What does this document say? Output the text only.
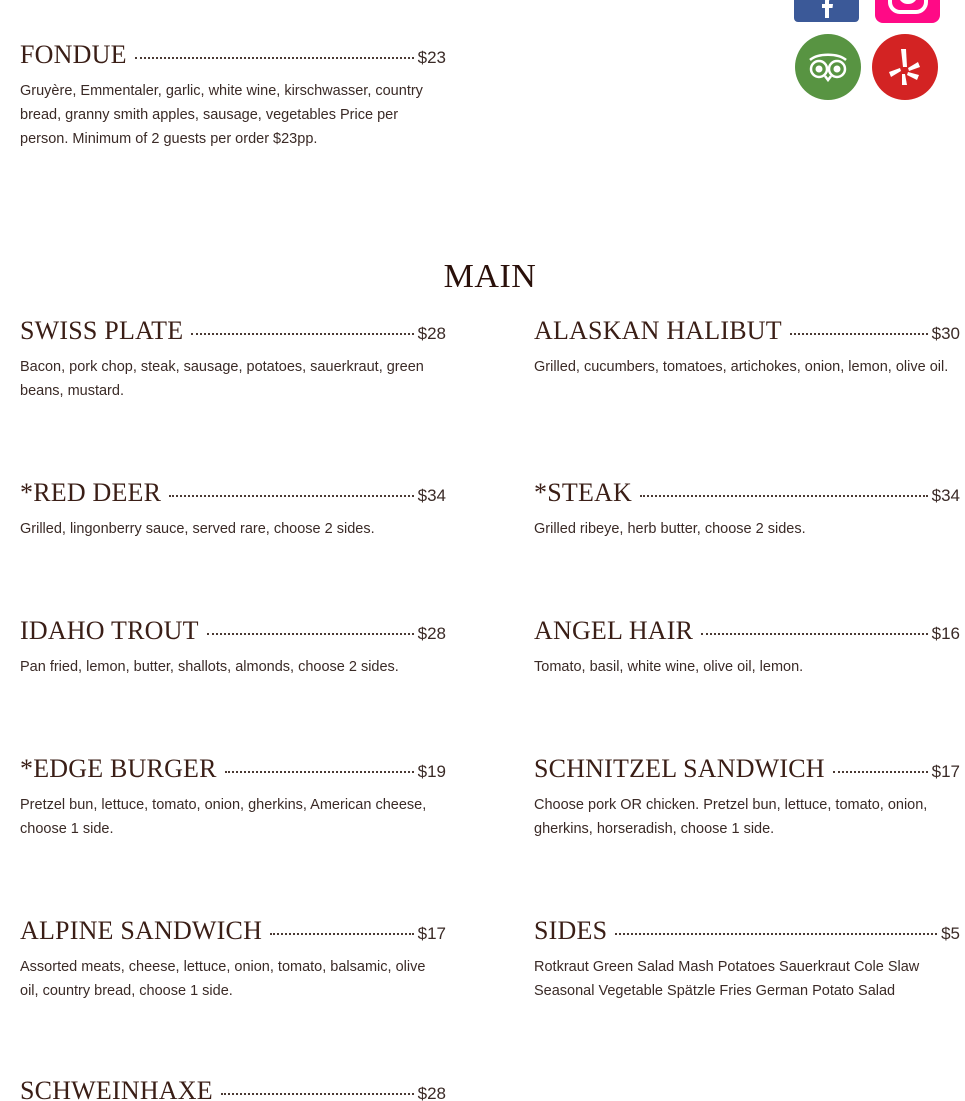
FONDUE	$23
Gruyère, Emmentaler, garlic, white wine, kirschwasser, country bread, granny smith apples, sausage, vegetables Price per person. Minimum of 2 guests per order $23pp.
MAIN
SWISS PLATE	$28
Bacon, pork chop, steak, sausage, potatoes, sauerkraut, green beans, mustard.
*RED DEER	$34
Grilled, lingonberry sauce, served rare, choose 2 sides.
IDAHO TROUT	$28
Pan fried, lemon, butter, shallots, almonds, choose 2 sides.
*EDGE BURGER	$19
Pretzel bun, lettuce, tomato, onion, gherkins, American cheese, choose 1 side.
ALPINE SANDWICH	$17
Assorted meats, cheese, lettuce, onion, tomato, balsamic, olive oil, country bread, choose 1 side.
SCHWEINHAXE	$28
ALASKAN HALIBUT	$30
Grilled, cucumbers, tomatoes, artichokes, onion, lemon, olive oil.
*STEAK	$34
Grilled ribeye, herb butter, choose 2 sides.
ANGEL HAIR	$16
Tomato, basil, white wine, olive oil, lemon.
SCHNITZEL SANDWICH	$17
Choose pork OR chicken. Pretzel bun, lettuce, tomato, onion, gherkins, horseradish, choose 1 side.
SIDES	$5
Rotkraut Green Salad Mash Potatoes Sauerkraut Cole Slaw Seasonal Vegetable Spätzle Fries German Potato Salad
